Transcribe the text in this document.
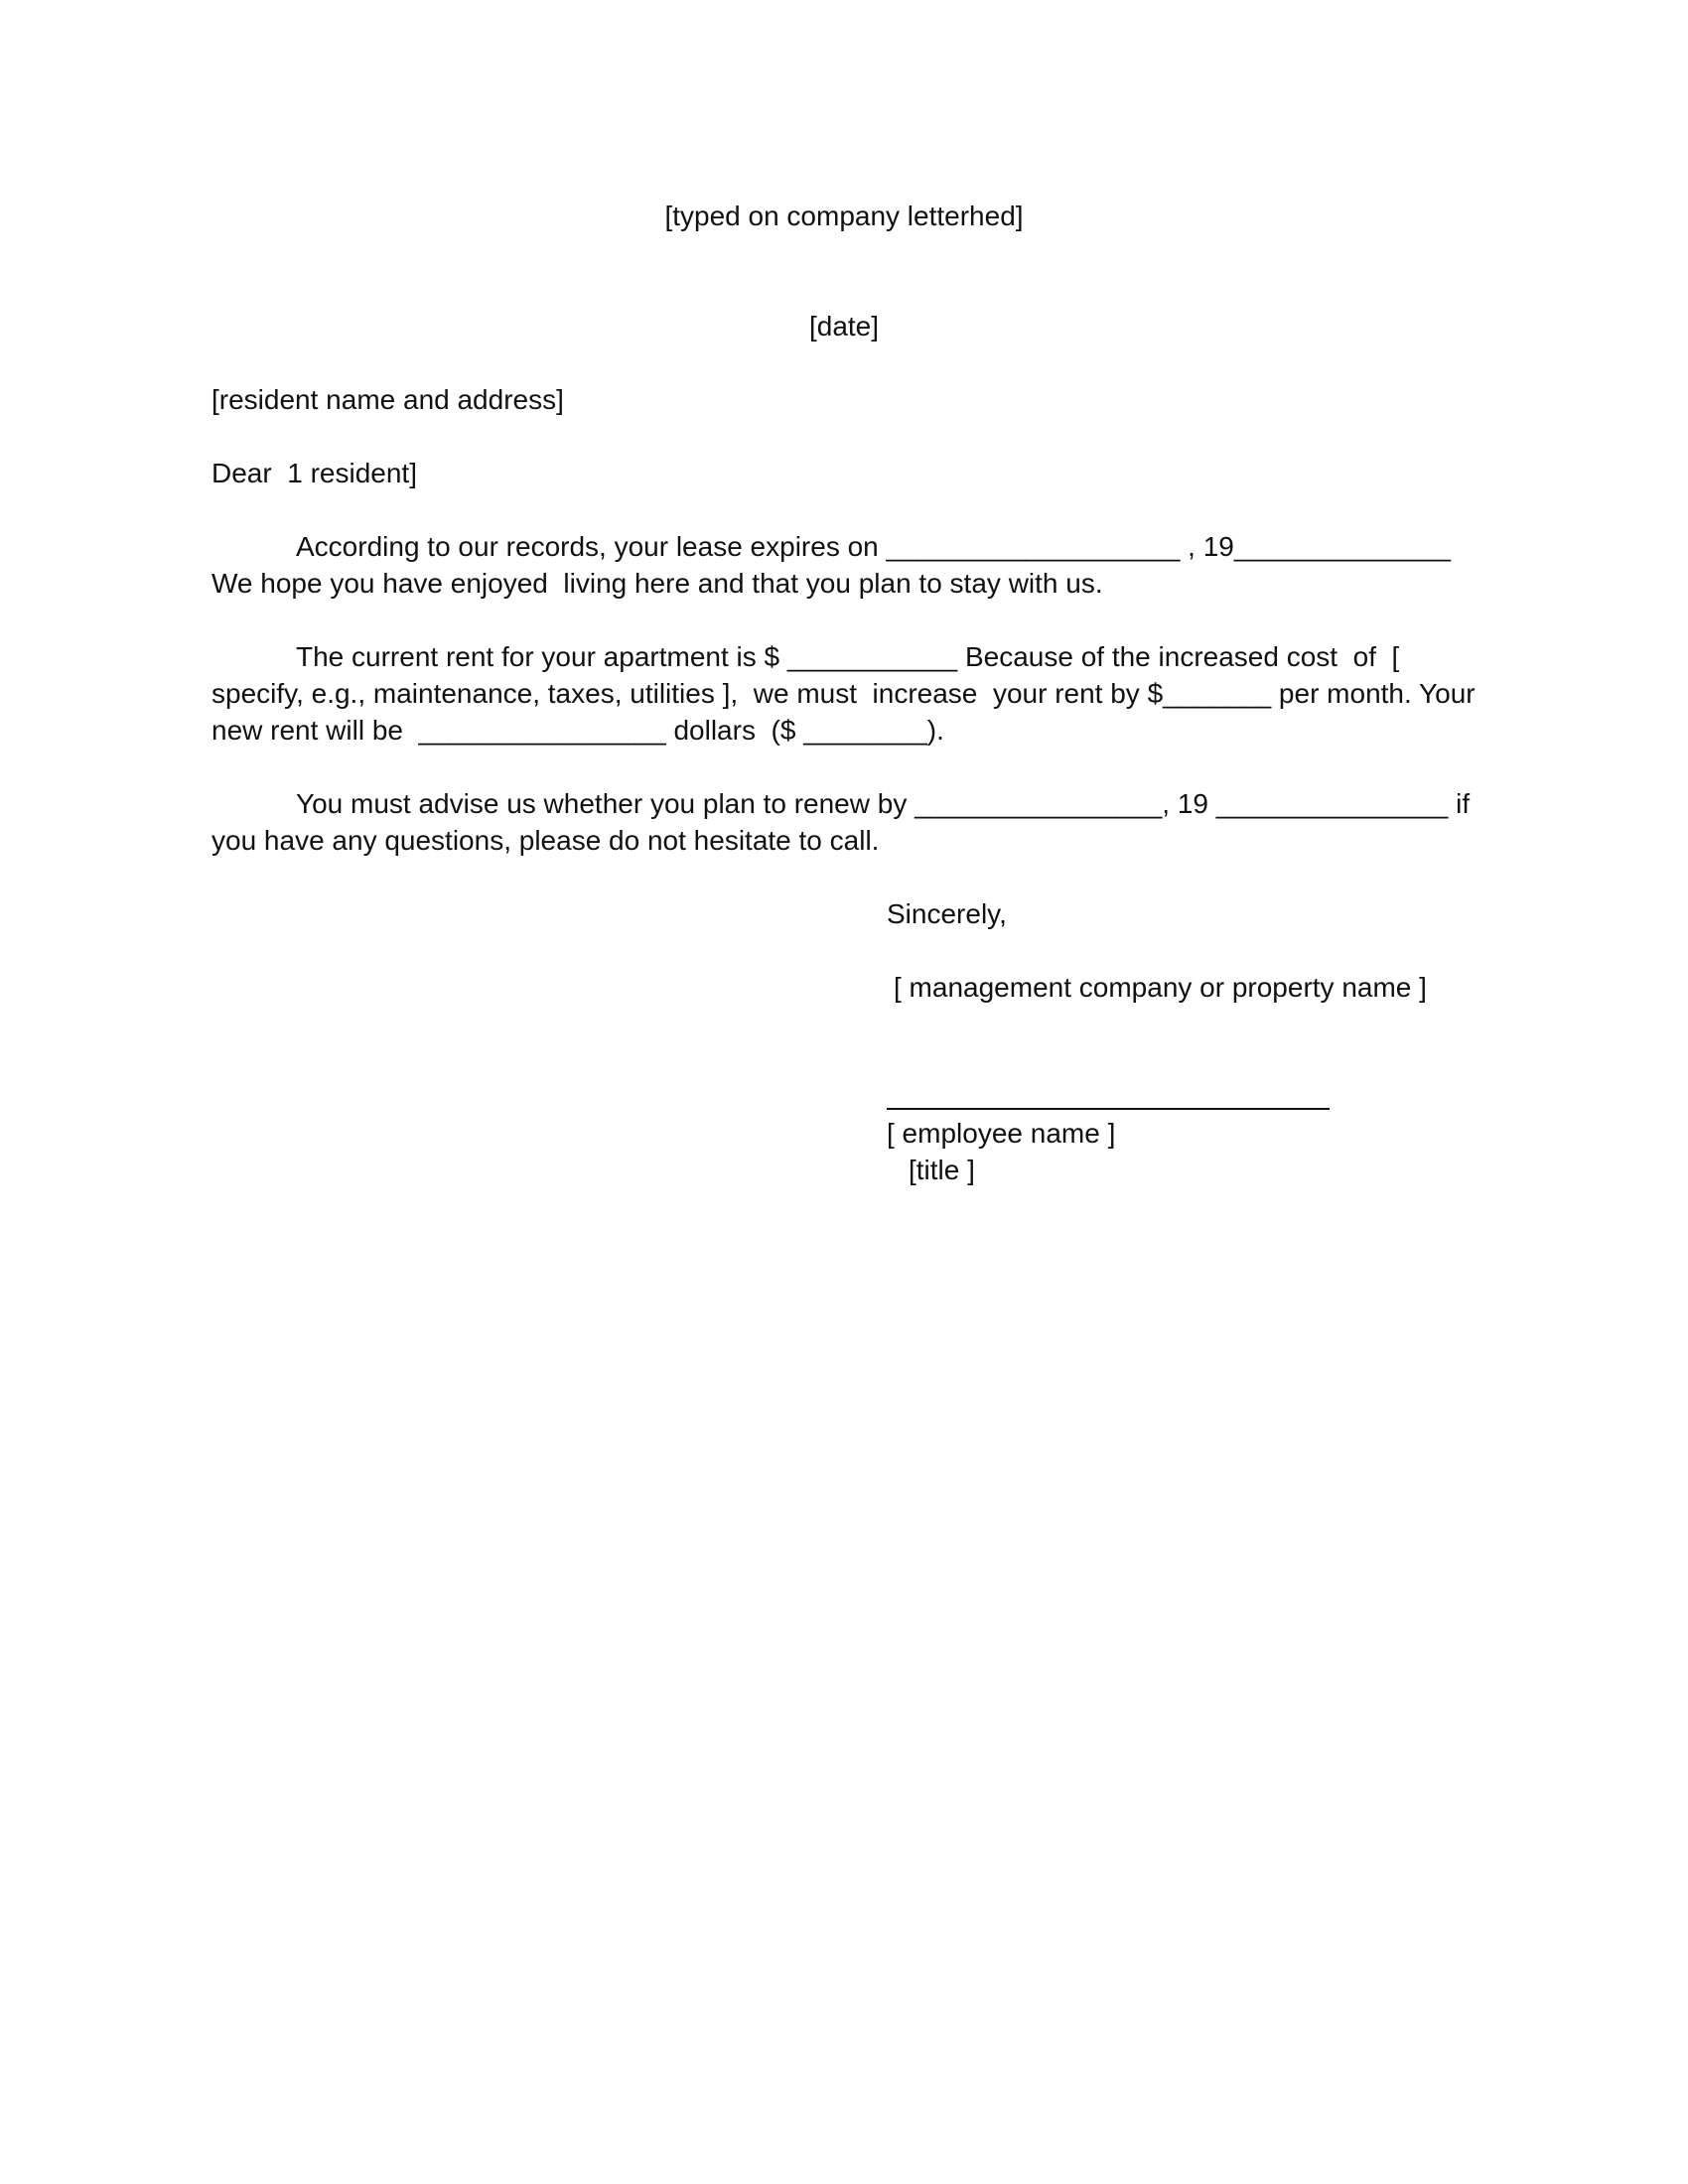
[typed on company letterhed]
[date]
[resident name and address]
Dear  1 resident]
According to our records, your lease expires on ___________________ , 19______________
We hope you have enjoyed  living here and that you plan to stay with us.
The current rent for your apartment is $ ___________ Because of the increased cost  of  [
specify, e.g., maintenance, taxes, utilities ],  we must  increase  your rent by $_______ per month. Your
new rent will be  ________________ dollars  ($ ________).
You must advise us whether you plan to renew by ________________, 19 _______________ if
you have any questions, please do not hesitate to call.
Sincerely,
[ management company or property name ]
[ employee name ]
[title ]
